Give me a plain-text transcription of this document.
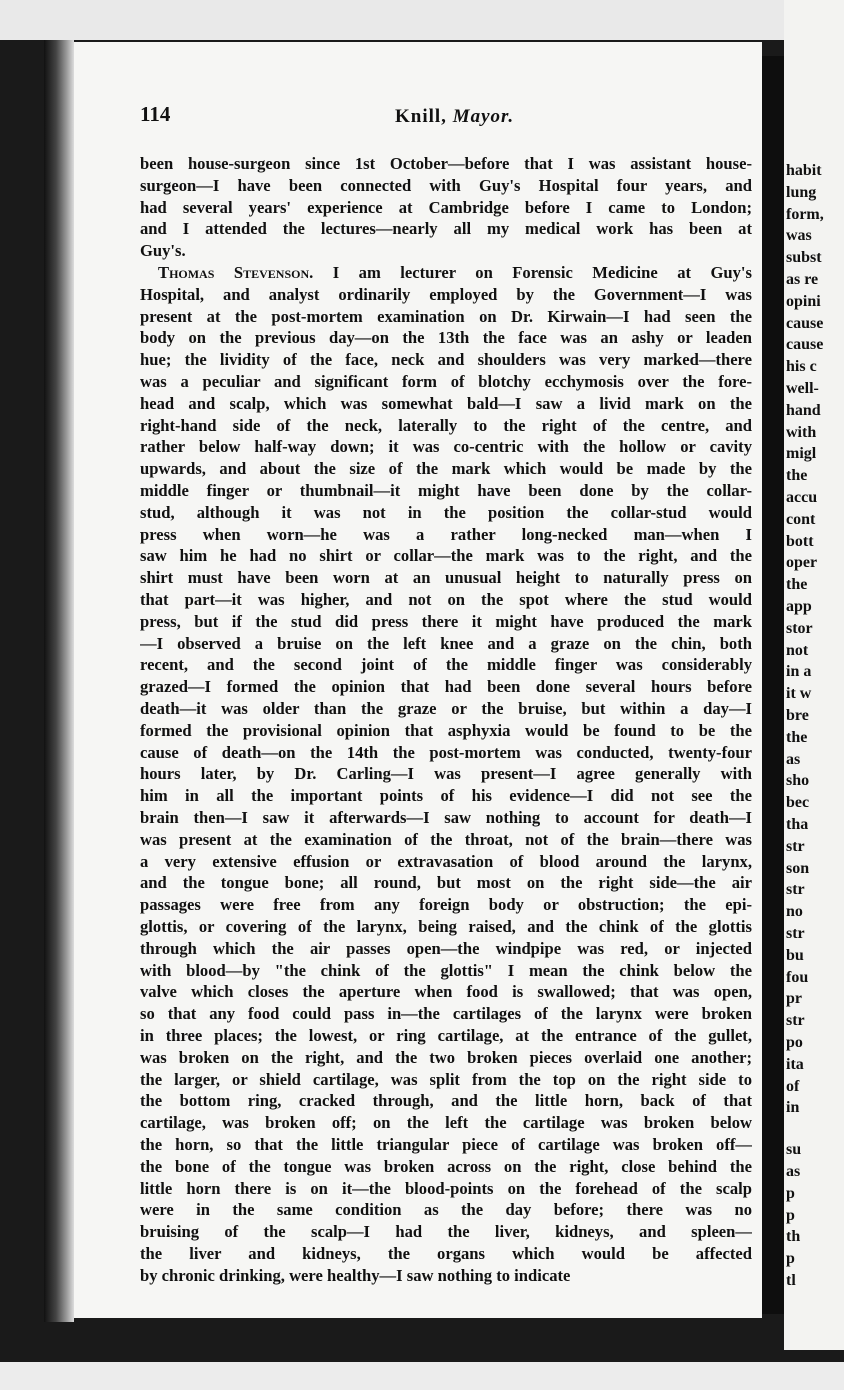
114	Knill, Mayor.
been house-surgeon since 1st October—before that I was assistant house-
surgeon—I have been connected with Guy's Hospital four years, and
had several years' experience at Cambridge before I came to London;
and I attended the lectures—nearly all my medical work has been at
Guy's.
Thomas Stevenson. I am lecturer on Forensic Medicine at Guy's
Hospital, and analyst ordinarily employed by the Government—I was
present at the post-mortem examination on Dr. Kirwain—I had seen the
body on the previous day—on the 13th the face was an ashy or leaden
hue; the lividity of the face, neck and shoulders was very marked—there
was a peculiar and significant form of blotchy ecchymosis over the fore-
head and scalp, which was somewhat bald—I saw a livid mark on the
right-hand side of the neck, laterally to the right of the centre, and
rather below half-way down; it was co-centric with the hollow or cavity
upwards, and about the size of the mark which would be made by the
middle finger or thumbnail—it might have been done by the collar-
stud, although it was not in the position the collar-stud would
press when worn—he was a rather long-necked man—when I
saw him he had no shirt or collar—the mark was to the right, and the
shirt must have been worn at an unusual height to naturally press on
that part—it was higher, and not on the spot where the stud would
press, but if the stud did press there it might have produced the mark
—I observed a bruise on the left knee and a graze on the chin, both
recent, and the second joint of the middle finger was considerably
grazed—I formed the opinion that had been done several hours before
death—it was older than the graze or the bruise, but within a day—I
formed the provisional opinion that asphyxia would be found to be the
cause of death—on the 14th the post-mortem was conducted, twenty-four
hours later, by Dr. Carling—I was present—I agree generally with
him in all the important points of his evidence—I did not see the
brain then—I saw it afterwards—I saw nothing to account for death—I
was present at the examination of the throat, not of the brain—there was
a very extensive effusion or extravasation of blood around the larynx,
and the tongue bone; all round, but most on the right side—the air
passages were free from any foreign body or obstruction; the epi-
glottis, or covering of the larynx, being raised, and the chink of the glottis
through which the air passes open—the windpipe was red, or injected
with blood—by "the chink of the glottis" I mean the chink below the
valve which closes the aperture when food is swallowed; that was open,
so that any food could pass in—the cartilages of the larynx were broken
in three places; the lowest, or ring cartilage, at the entrance of the gullet,
was broken on the right, and the two broken pieces overlaid one another;
the larger, or shield cartilage, was split from the top on the right side to
the bottom ring, cracked through, and the little horn, back of that
cartilage, was broken off; on the left the cartilage was broken below
the horn, so that the little triangular piece of cartilage was broken off—
the bone of the tongue was broken across on the right, close behind the
little horn there is on it—the blood-points on the forehead of the scalp
were in the same condition as the day before; there was no
bruising of the scalp—I had the liver, kidneys, and spleen—
the liver and kidneys, the organs which would be affected
by chronic drinking, were healthy—I saw nothing to indicate
habit
lung
form,
was
subst
as re
opini
cause
cause
his c
well-
hand
with
migl
the
accu
cont
bott
oper
the
app
stor
not
in a
it w
bre
the
as
sho
bec
tha
str
son
str
no
str
bu
fou
pr
str
po
ita
of
in
su
as
p
p
th
p
tl
